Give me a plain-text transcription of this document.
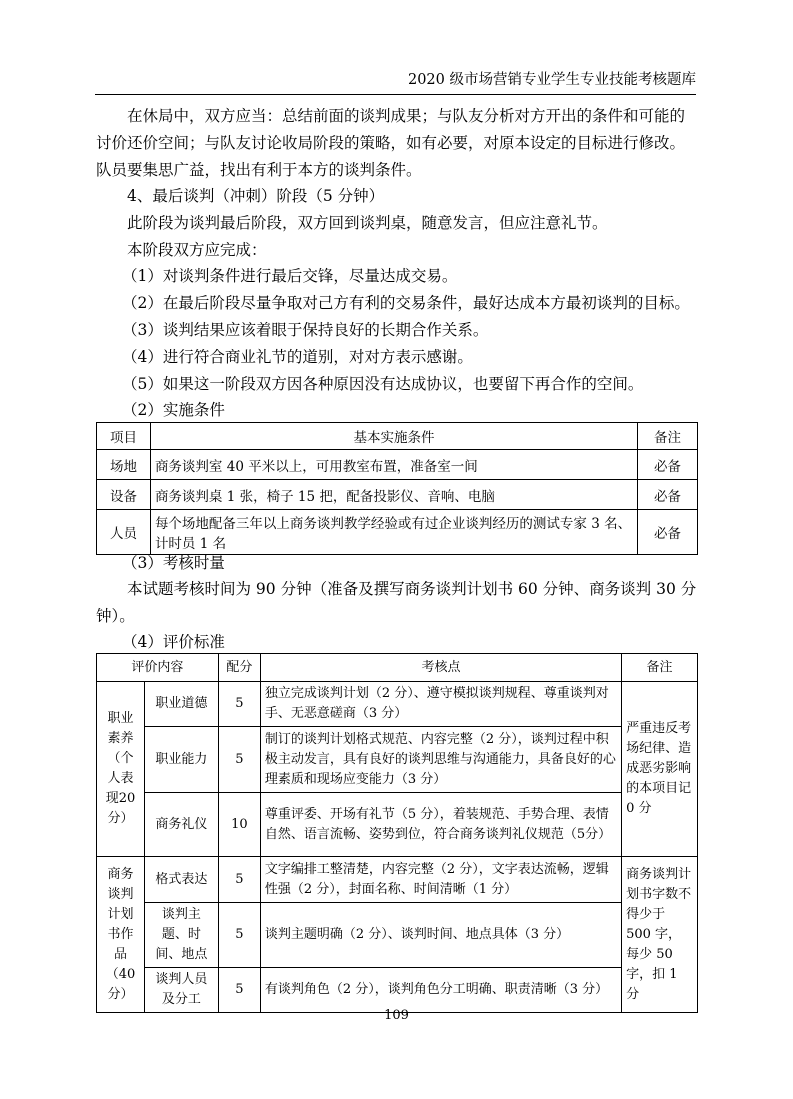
2020 级市场营销专业学生专业技能考核题库
在休局中，双方应当：总结前面的谈判成果；与队友分析对方开出的条件和可能的
讨价还价空间；与队友讨论收局阶段的策略，如有必要，对原本设定的目标进行修改。
队员要集思广益，找出有利于本方的谈判条件。
4、最后谈判（冲刺）阶段（5 分钟）
此阶段为谈判最后阶段，双方回到谈判桌，随意发言，但应注意礼节。
本阶段双方应完成：
（1）对谈判条件进行最后交锋，尽量达成交易。
（2）在最后阶段尽量争取对己方有利的交易条件，最好达成本方最初谈判的目标。
（3）谈判结果应该着眼于保持良好的长期合作关系。
（4）进行符合商业礼节的道别，对对方表示感谢。
（5）如果这一阶段双方因各种原因没有达成协议，也要留下再合作的空间。
（2）实施条件
项目	基本实施条件	备注
场地	商务谈判室 40 平米以上，可用教室布置，准备室一间	必备
设备	商务谈判桌 1 张，椅子 15 把，配备投影仪、音响、电脑	必备
人员	每个场地配备三年以上商务谈判教学经验或有过企业谈判经历的测试专家 3 名、计时员 1 名	必备
（3）考核时量
本试题考核时间为 90 分钟（准备及撰写商务谈判计划书 60 分钟、商务谈判 30 分
钟）。
（4）评价标准
评价内容		配分	考核点	备注
职业素养（个人表现20分）	职业道德	5	独立完成谈判计划（2 分）、遵守模拟谈判规程、尊重谈判对手、无恶意磋商（3 分）	严重违反考场纪律、造成恶劣影响的本项目记 0 分
	职业能力	5	制订的谈判计划格式规范、内容完整（2 分），谈判过程中积极主动发言，具有良好的谈判思维与沟通能力，具备良好的心理素质和现场应变能力（3 分）	
	商务礼仪	10	尊重评委、开场有礼节（5 分），着装规范、手势合理、表情自然、语言流畅、姿势到位，符合商务谈判礼仪规范（5分）	
商务谈判计划书作品（40分）	格式表达	5	文字编排工整清楚，内容完整（2 分），文字表达流畅，逻辑性强（2 分），封面名称、时间清晰（1 分）	商务谈判计划书字数不得少于 500 字，每少 50 字，扣 1 分
	谈判主题、时间、地点	5	谈判主题明确（2 分）、谈判时间、地点具体（3 分）	
	谈判人员及分工	5	有谈判角色（2 分），谈判角色分工明确、职责清晰（3 分）	
109
